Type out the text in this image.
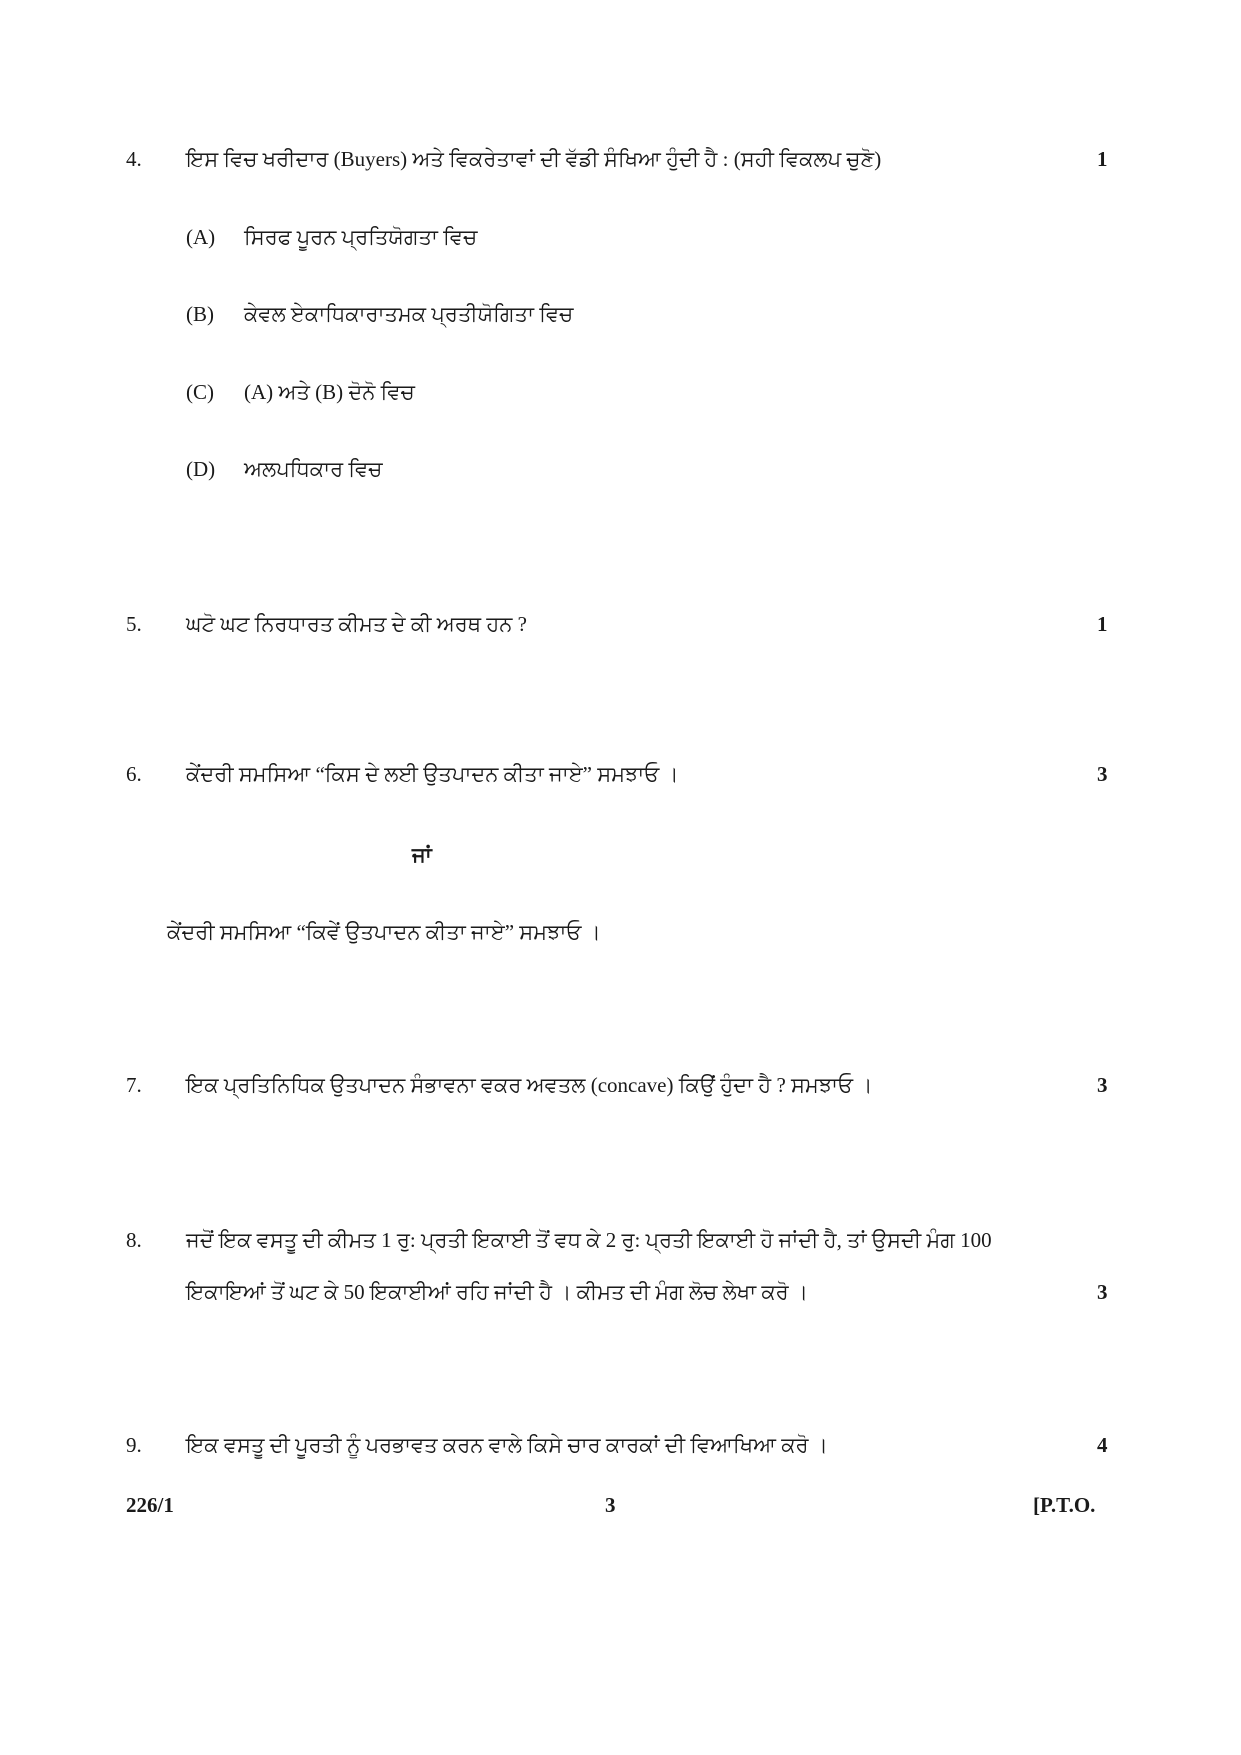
4. ਇਸ ਵਿਚ ਖਰੀਦਾਰ (Buyers) ਅਤੇ ਵਿਕਰੇਤਾਵਾਂ ਦੀ ਵੱਡੀ ਸੰਖਿਆ ਹੁੰਦੀ ਹੈ : (ਸਹੀ ਵਿਕਲਪ ਚੁਣੋ)	1
(A) ਸਿਰਫ ਪੂਰਨ ਪ੍ਰਤਿਯੋਗਤਾ ਵਿਚ
(B) ਕੇਵਲ ਏਕਾਧਿਕਾਰਾਤਮਕ ਪ੍ਰਤੀਯੋਗਿਤਾ ਵਿਚ
(C) (A) ਅਤੇ (B) ਦੋਨੋ ਵਿਚ
(D) ਅਲਪਧਿਕਾਰ ਵਿਚ
5. ਘਟੋ ਘਟ ਨਿਰਧਾਰਤ ਕੀਮਤ ਦੇ ਕੀ ਅਰਥ ਹਨ ?	1
6. ਕੇਂਦਰੀ ਸਮਸਿਆ “ਕਿਸ ਦੇ ਲਈ ਉਤਪਾਦਨ ਕੀਤਾ ਜਾਏ” ਸਮਝਾਓ ।	3
ਜਾਂ
ਕੇਂਦਰੀ ਸਮਸਿਆ “ਕਿਵੇਂ ਉਤਪਾਦਨ ਕੀਤਾ ਜਾਏ” ਸਮਝਾਓ ।
7. ਇਕ ਪ੍ਰਤਿਨਿਧਿਕ ਉਤਪਾਦਨ ਸੰਭਾਵਨਾ ਵਕਰ ਅਵਤਲ (concave) ਕਿਉਂ ਹੁੰਦਾ ਹੈ ? ਸਮਝਾਓ ।	3
8. ਜਦੋਂ ਇਕ ਵਸਤੂ ਦੀ ਕੀਮਤ 1 ਰੁ: ਪ੍ਰਤੀ ਇਕਾਈ ਤੋਂ ਵਧ ਕੇ 2 ਰੁ: ਪ੍ਰਤੀ ਇਕਾਈ ਹੋ ਜਾਂਦੀ ਹੈ, ਤਾਂ ਉਸਦੀ ਮੰਗ 100
ਇਕਾਇਆਂ ਤੋਂ ਘਟ ਕੇ 50 ਇਕਾਈਆਂ ਰਹਿ ਜਾਂਦੀ ਹੈ । ਕੀਮਤ ਦੀ ਮੰਗ ਲੋਚ ਲੇਖਾ ਕਰੋ ।	3
9. ਇਕ ਵਸਤੂ ਦੀ ਪੂਰਤੀ ਨੂੰ ਪਰਭਾਵਤ ਕਰਨ ਵਾਲੇ ਕਿਸੇ ਚਾਰ ਕਾਰਕਾਂ ਦੀ ਵਿਆਖਿਆ ਕਰੋ ।	4
226/1	3	[P.T.O.
